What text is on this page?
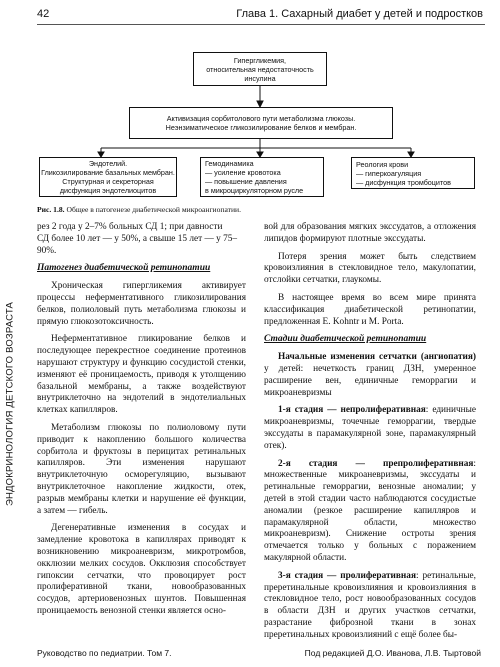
42	Глава 1. Сахарный диабет у детей и подростков
ЭНДОКРИНОЛОГИЯ ДЕТСКОГО ВОЗРАСТА
Гипергликемия,
относительная недостаточность
инсулина
Активизация сорбитолового пути метаболизма глюкозы.
Неэнзиматическое гликозилирование белков и мембран.
Эндотелий.
Гликозилирование базальных мембран.
Структурная и секреторная
дисфункция эндотелиоцитов
Гемодинамика
— усиление кровотока
— повышение давления
в микроциркуляторном русле
Реология крови
— гиперкоагуляция
— дисфункция тромбоцитов
Рис. 1.8. Общее в патогенезе диабетической микроангиопатии.

рез 2 года у 2–7% больных СД 1; при давности
СД более 10 лет — у 50%, а свыше 15 лет — у 75–
90%.

Патогенез диабетической ретинопатии

Хроническая гипергликемия активирует процессы неферментативного гликозилирования белков, полиоловый путь метаболизма глюкозы и прямую глюкозотоксичность.

Неферментативное гликирование белков и последующее перекрестное соединение протеинов нарушают структуру и функцию сосудистой стенки, изменяют её проницаемость, приводя к утолщению базальной мембраны, а также воздействуют внутриклеточно на эндотелий в эндотелиальных клетках капилляров.

Метаболизм глюкозы по полиоловому пути приводит к накоплению большого количества сорбитола и фруктозы в перицитах ретинальных капилляров. Эти изменения нарушают внутриклеточную осморегуляцию, вызывают внутриклеточное накопление жидкости, отек, разрыв мембраны клетки и нарушение её функции, а затем — гибель.

Дегенеративные изменения в сосудах и замедление кровотока в капиллярах приводят к возникновению микроаневризм, микротромбов, окклюзии мелких сосудов. Окклюзия способствует гипоксии сетчатки, что провоцирует рост пролиферативной ткани, новообразованных сосудов, артериовенозных шунтов. Повышенная проницаемость венозной стенки является осно-

вой для образования мягких экссудатов, а отложения липидов формируют плотные экссудаты.

Потеря зрения может быть следствием кровоизлияния в стекловидное тело, макулопатии, отслойки сетчатки, глаукомы.

В настоящее время во всем мире принята классификация диабетической ретинопатии, предложенная E. Kohntr и M. Porta.

Стадии диабетической ретинопатии

Начальные изменения сетчатки (ангиопатия) у детей: нечеткость границ ДЗН, умеренное расширение вен, единичные геморрагии и микроаневризмы

1-я стадия — непролиферативная: единичные микроаневризмы, точечные геморрагии, твердые экссудаты в парамакулярной зоне, парамакулярный отек).

2-я стадия — препролиферативная: множественные микроаневризмы, экссудаты и ретинальные геморрагии, венозные аномалии; у детей в этой стадии часто наблюдаются сосудистые аномалии (резкое расширение капилляров и парамакулярной области, множество микроаневризм). Снижение остроты зрения отмечается только у больных с поражением макулярной области.

3-я стадия — пролиферативная: ретинальные, преретинальные кровоизлияния и кровоизлияния в стекловидное тело, рост новообразованных сосудов в области ДЗН и других участков сетчатки, разрастание фиброзной ткани в зонах преретинальных кровоизлияний с ещё более бы-

Руководство по педиатрии. Том 7.	Под редакцией Д.О. Иванова, Л.В. Тыртовой
